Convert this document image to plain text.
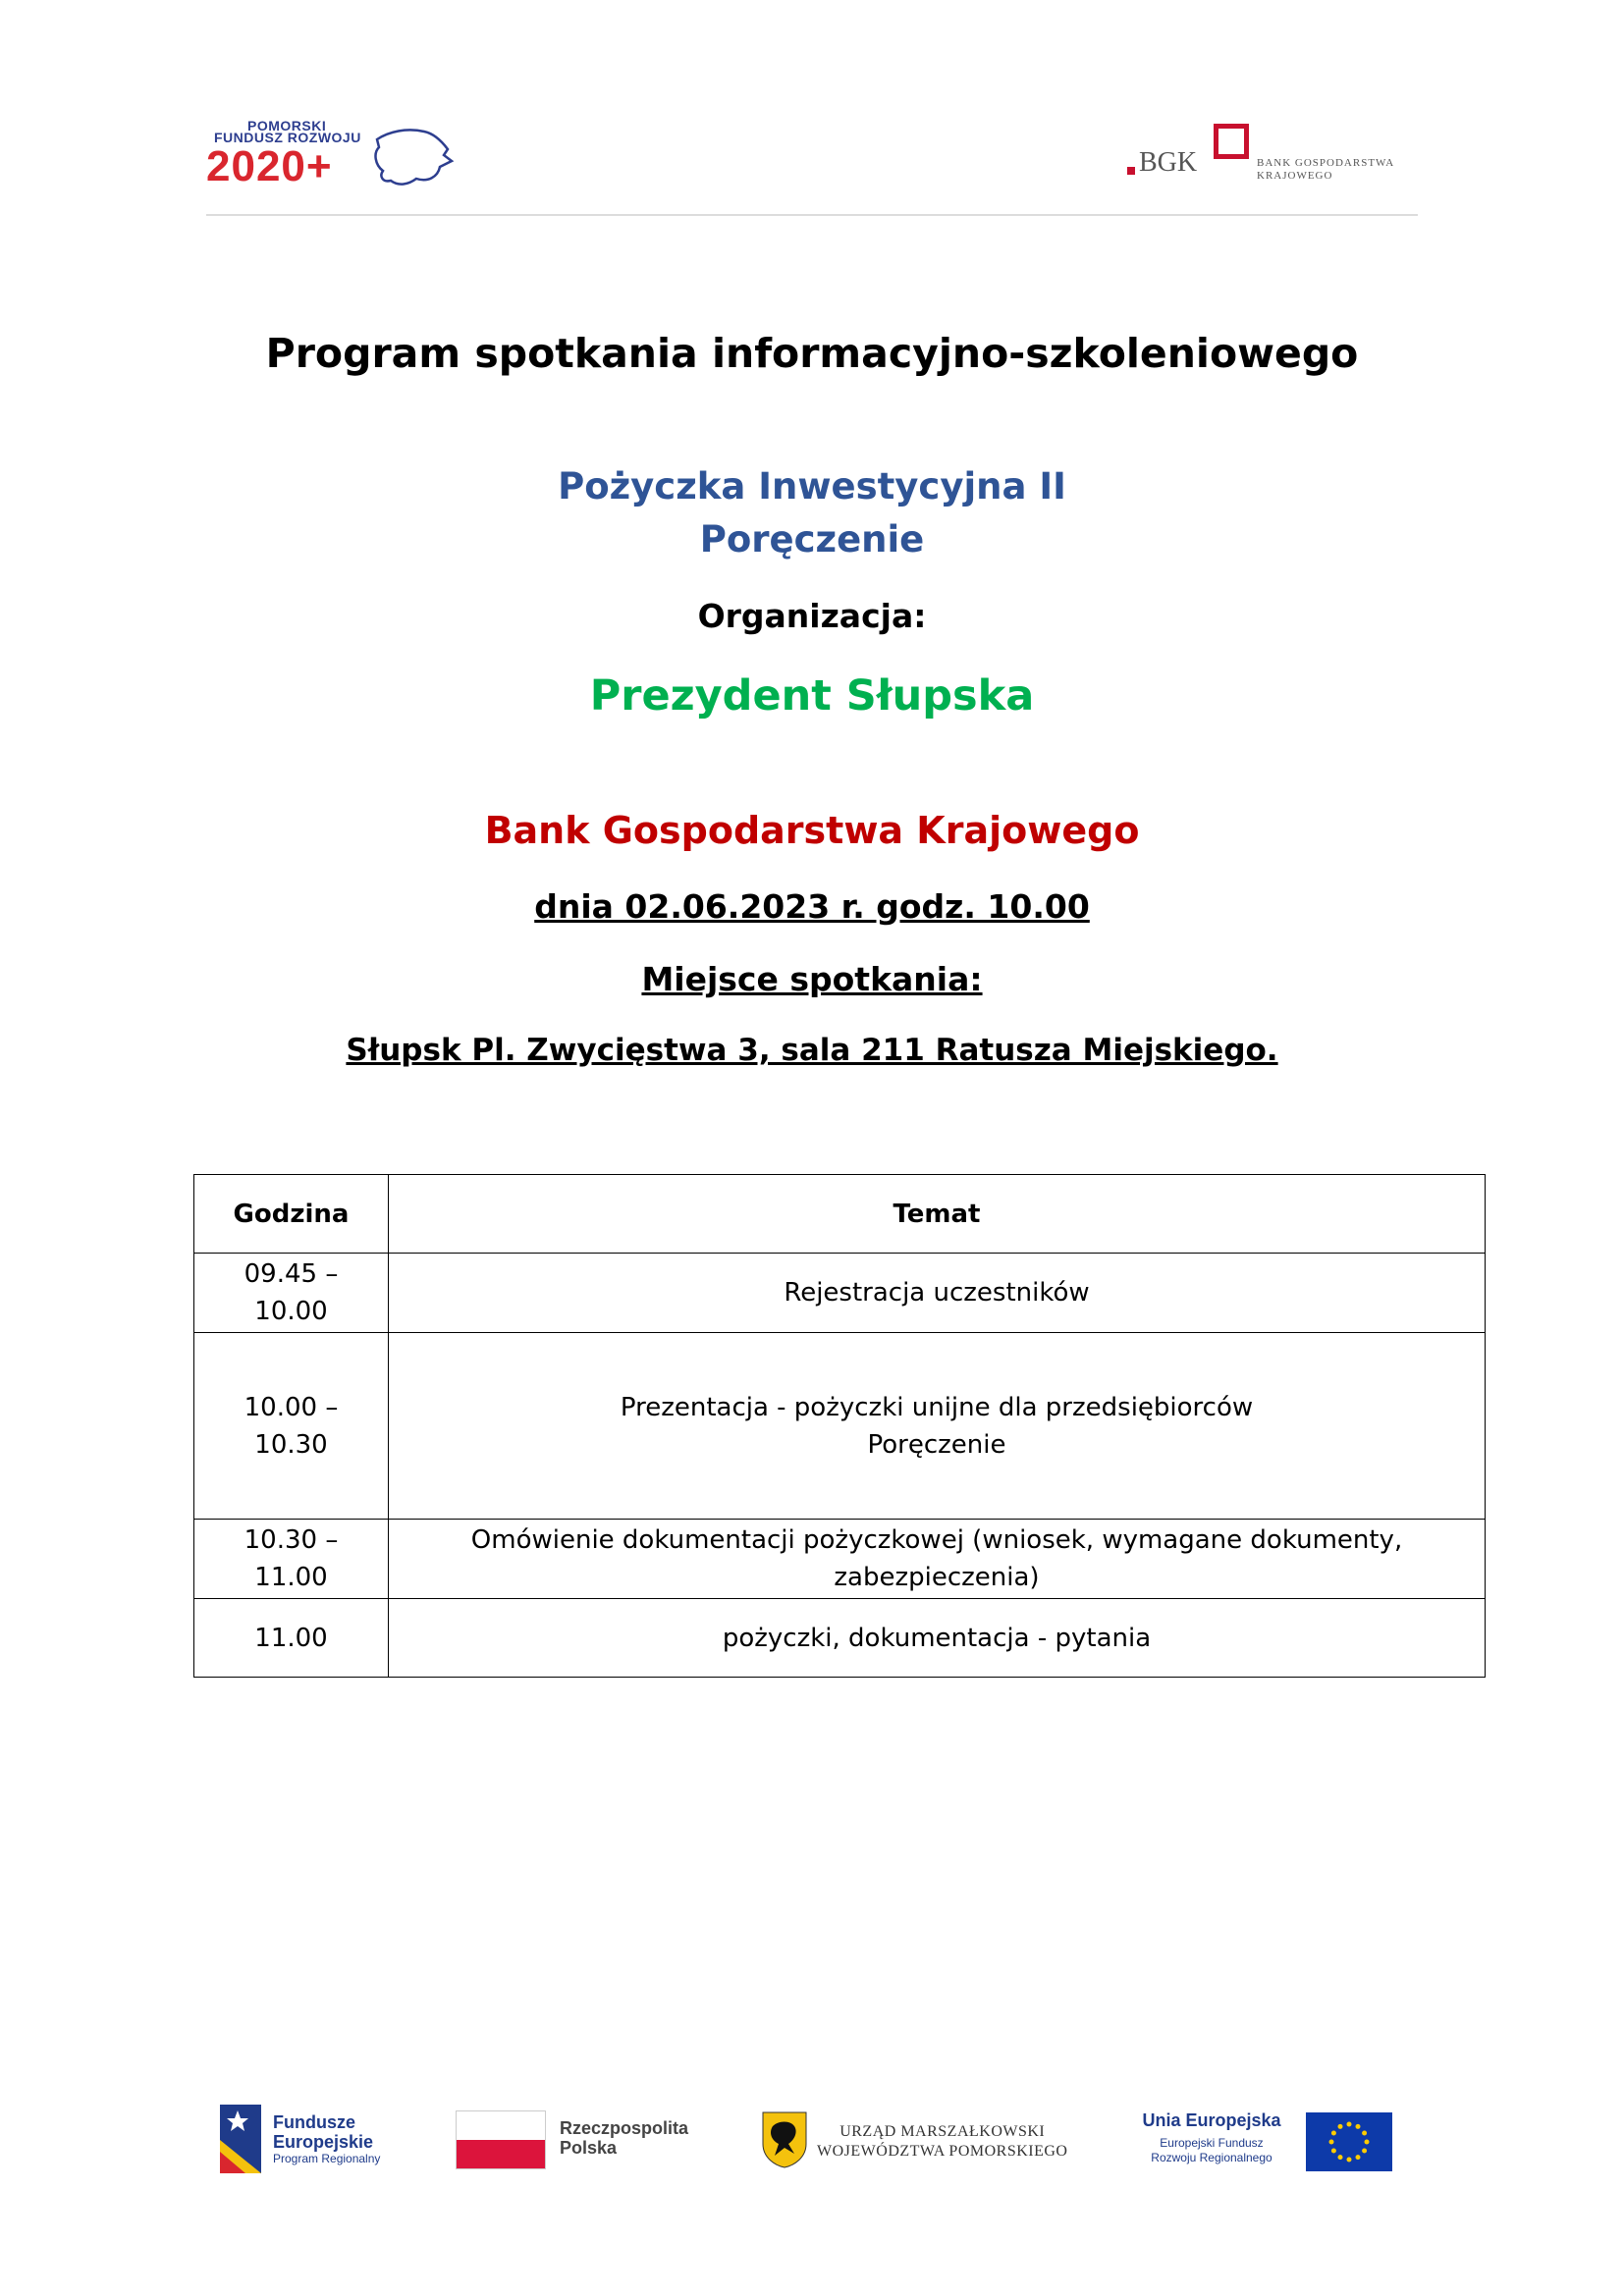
POMORSKI
FUNDUSZ ROZWOJU
2020+	BGK	BANK GOSPODARSTWA
KRAJOWEGO
Program spotkania informacyjno-szkoleniowego
Pożyczka Inwestycyjna II
Poręczenie
Organizacja:
Prezydent Słupska
Bank Gospodarstwa Krajowego
dnia 02.06.2023 r. godz. 10.00
Miejsce spotkania:
Słupsk Pl. Zwycięstwa 3, sala 211 Ratusza Miejskiego.
Godzina	Temat
09.45 – 10.00	Rejestracja uczestników
10.00 – 10.30	Prezentacja - pożyczki unijne dla przedsiębiorców
Poręczenie

10.30 – 11.00	Omówienie dokumentacji pożyczkowej (wniosek, wymagane dokumenty,
zabezpieczenia)

11.00	pożyczki, dokumentacja - pytania
Fundusze
Europejskie
Program Regionalny
Rzeczpospolita
Polska
URZĄD MARSZAŁKOWSKI
WOJEWÓDZTWA POMORSKIEGO
Unia Europejska
Europejski Fundusz
Rozwoju Regionalnego
